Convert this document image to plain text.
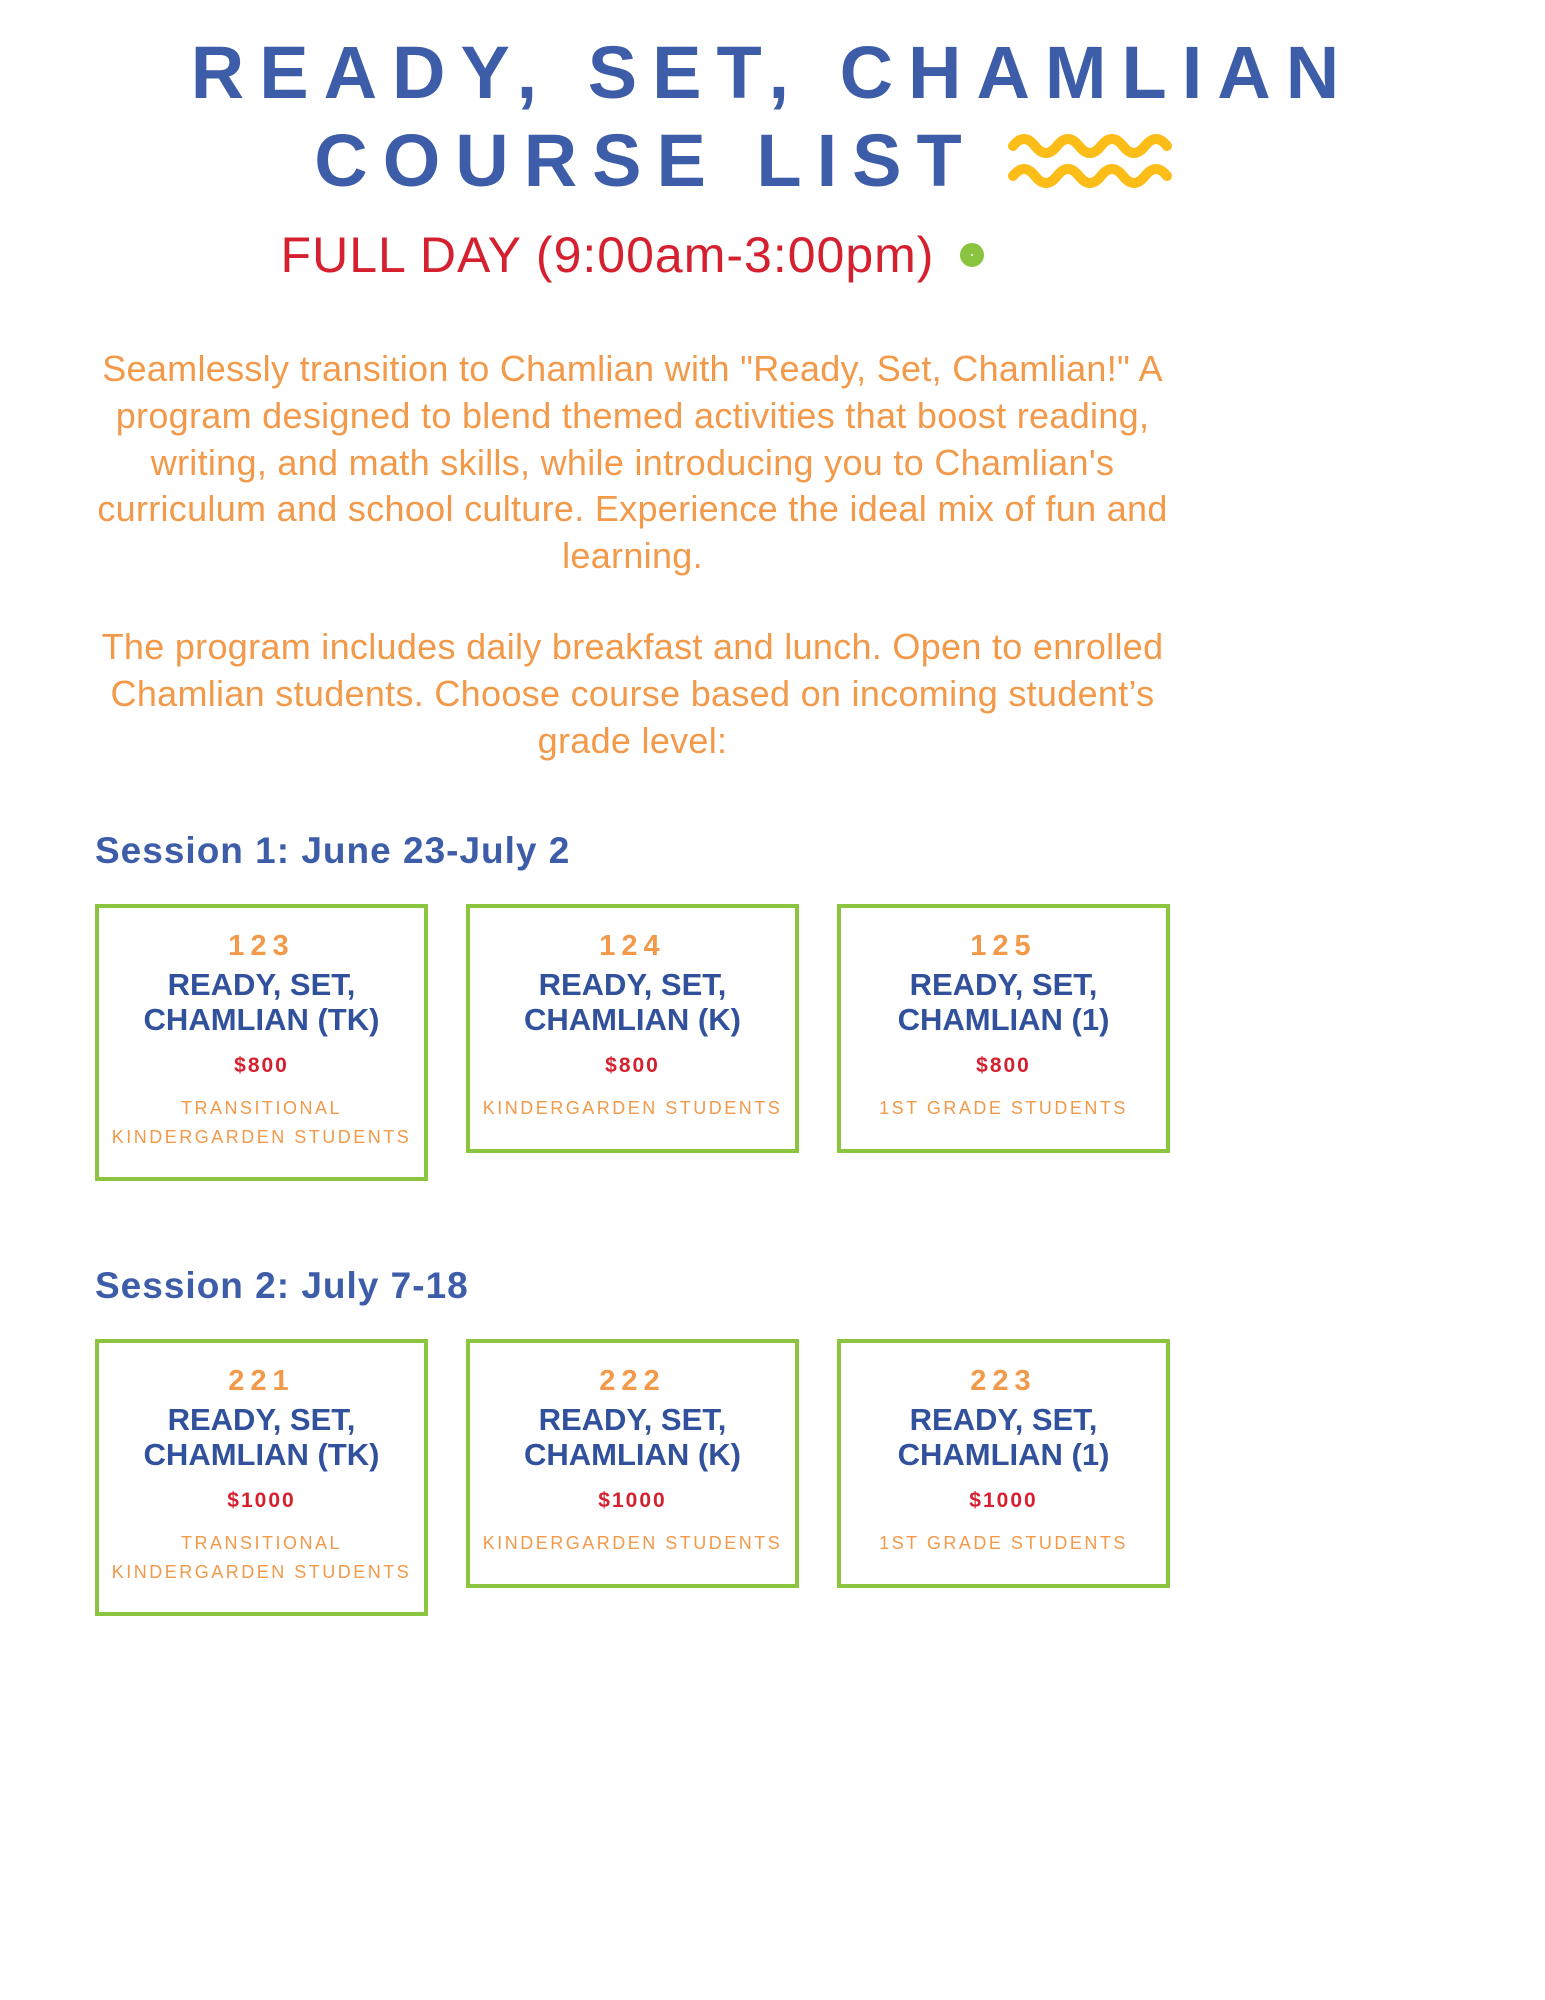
READY, SET, CHAMLIAN
COURSE LIST
FULL DAY (9:00am-3:00pm)

Seamlessly transition to Chamlian with "Ready, Set, Chamlian!" A program designed to blend themed activities that boost reading, writing, and math skills, while introducing you to Chamlian's curriculum and school culture. Experience the ideal mix of fun and learning.

The program includes daily breakfast and lunch. Open to enrolled Chamlian students. Choose course based on incoming student’s grade level:

Session 1: June 23-July 2
123
READY, SET,
CHAMLIAN (TK)
$800
TRANSITIONAL KINDERGARDEN STUDENTS
124
READY, SET,
CHAMLIAN (K)
$800
KINDERGARDEN STUDENTS
125
READY, SET,
CHAMLIAN (1)
$800
1ST GRADE STUDENTS
Session 2: July 7-18
221
READY, SET,
CHAMLIAN (TK)
$1000
TRANSITIONAL KINDERGARDEN STUDENTS
222
READY, SET,
CHAMLIAN (K)
$1000
KINDERGARDEN STUDENTS
223
READY, SET,
CHAMLIAN (1)
$1000
1ST GRADE STUDENTS
